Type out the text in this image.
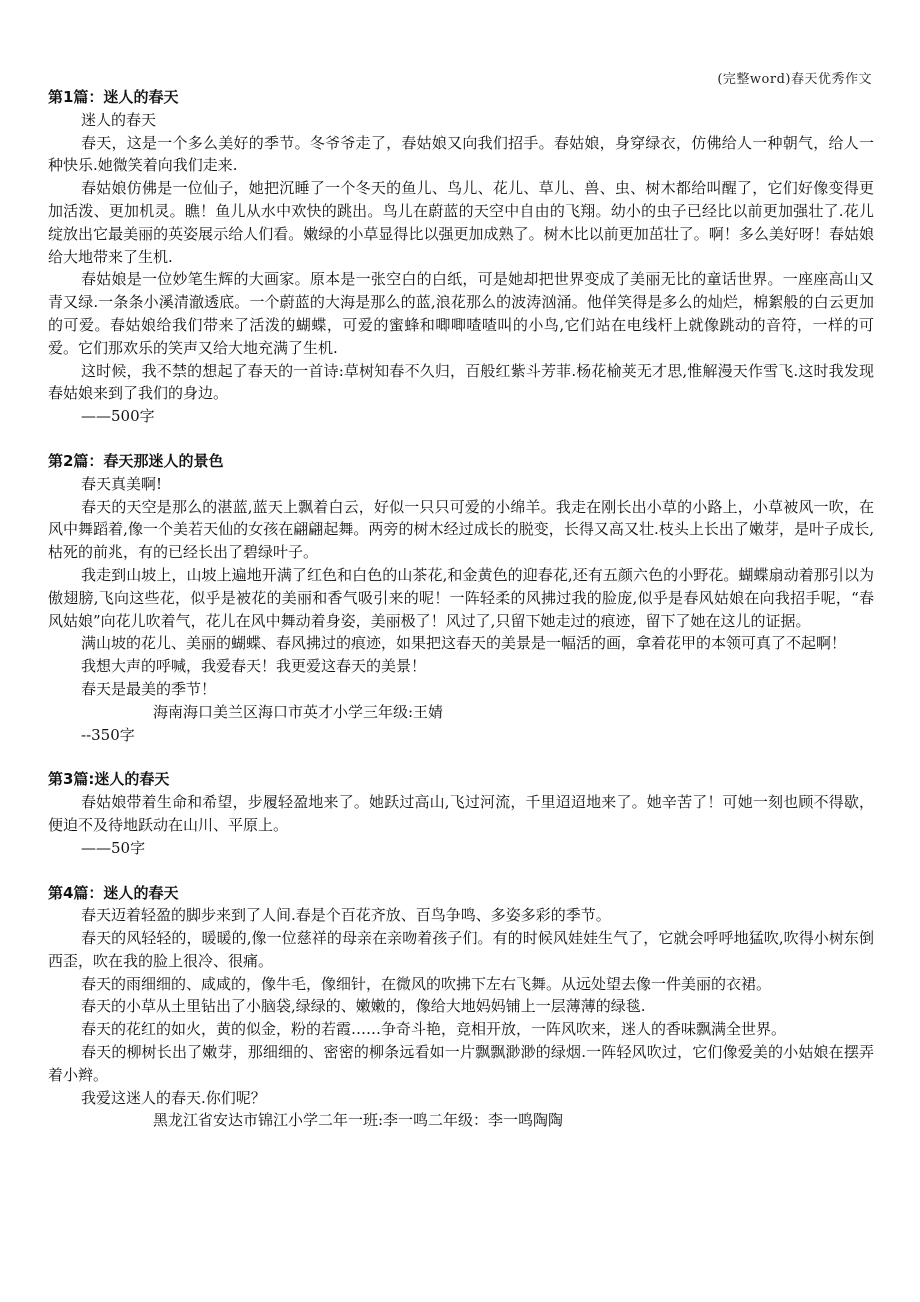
(完整word)春天优秀作文
第1篇：迷人的春天
迷人的春天
春天，这是一个多么美好的季节。冬爷爷走了，春姑娘又向我们招手。春姑娘，身穿绿衣，仿佛给人一种朝气，给人一种快乐.她微笑着向我们走来.
春姑娘仿佛是一位仙子，她把沉睡了一个冬天的鱼儿、鸟儿、花儿、草儿、兽、虫、树木都给叫醒了，它们好像变得更加活泼、更加机灵。瞧！鱼儿从水中欢快的跳出。鸟儿在蔚蓝的天空中自由的飞翔。幼小的虫子已经比以前更加强壮了.花儿绽放出它最美丽的英姿展示给人们看。嫩绿的小草显得比以强更加成熟了。树木比以前更加茁壮了。啊！多么美好呀！春姑娘给大地带来了生机.
春姑娘是一位妙笔生辉的大画家。原本是一张空白的白纸，可是她却把世界变成了美丽无比的童话世界。一座座高山又青又绿.一条条小溪清澈透底。一个蔚蓝的大海是那么的蓝,浪花那么的波涛汹涌。他佯笑得是多么的灿烂，棉絮般的白云更加的可爱。春姑娘给我们带来了活泼的蝴蝶，可爱的蜜蜂和唧唧喳喳叫的小鸟,它们站在电线杆上就像跳动的音符，一样的可爱。它们那欢乐的笑声又给大地充满了生机.
这时候，我不禁的想起了春天的一首诗:草树知春不久归，百般红紫斗芳菲.杨花榆荚无才思,惟解漫天作雪飞.这时我发现春姑娘来到了我们的身边。
——500字
第2篇：春天那迷人的景色
春天真美啊!
春天的天空是那么的湛蓝,蓝天上飘着白云，好似一只只可爱的小绵羊。我走在刚长出小草的小路上，小草被风一吹，在风中舞蹈着,像一个美若天仙的女孩在翩翩起舞。两旁的树木经过成长的脱变，长得又高又壮.枝头上长出了嫩芽，是叶子成长,枯死的前兆，有的已经长出了碧绿叶子。
我走到山坡上，山坡上遍地开满了红色和白色的山茶花,和金黄色的迎春花,还有五颜六色的小野花。蝴蝶扇动着那引以为傲翅膀,飞向这些花，似乎是被花的美丽和香气吸引来的呢！一阵轻柔的风拂过我的脸庞,似乎是春风姑娘在向我招手呢，“春风姑娘”向花儿吹着气，花儿在风中舞动着身姿，美丽极了！风过了,只留下她走过的痕迹，留下了她在这儿的证据。
满山坡的花儿、美丽的蝴蝶、春风拂过的痕迹，如果把这春天的美景是一幅活的画，拿着花甲的本领可真了不起啊！
我想大声的呼喊，我爱春天！我更爱这春天的美景！
春天是最美的季节！
海南海口美兰区海口市英才小学三年级:王婧
--350字
第3篇:迷人的春天
春姑娘带着生命和希望，步履轻盈地来了。她跃过高山,飞过河流，千里迢迢地来了。她辛苦了！可她一刻也顾不得歇，便迫不及待地跃动在山川、平原上。
——50字
第4篇：迷人的春天
春天迈着轻盈的脚步来到了人间.春是个百花齐放、百鸟争鸣、多姿多彩的季节。
春天的风轻轻的，暖暖的,像一位慈祥的母亲在亲吻着孩子们。有的时候风娃娃生气了，它就会呼呼地猛吹,吹得小树东倒西歪，吹在我的脸上很冷、很痛。
春天的雨细细的、咸咸的，像牛毛，像细针，在微风的吹拂下左右飞舞。从远处望去像一件美丽的衣裙。
春天的小草从土里钻出了小脑袋,绿绿的、嫩嫩的，像给大地妈妈铺上一层薄薄的绿毯.
春天的花红的如火，黄的似金，粉的若霞……争奇斗艳，竞相开放，一阵风吹来，迷人的香味飘满全世界。
春天的柳树长出了嫩芽，那细细的、密密的柳条远看如一片飘飘渺渺的绿烟.一阵轻风吹过，它们像爱美的小姑娘在摆弄着小辫。
我爱这迷人的春天.你们呢？
黑龙江省安达市锦江小学二年一班:李一鸣二年级：李一鸣陶陶
